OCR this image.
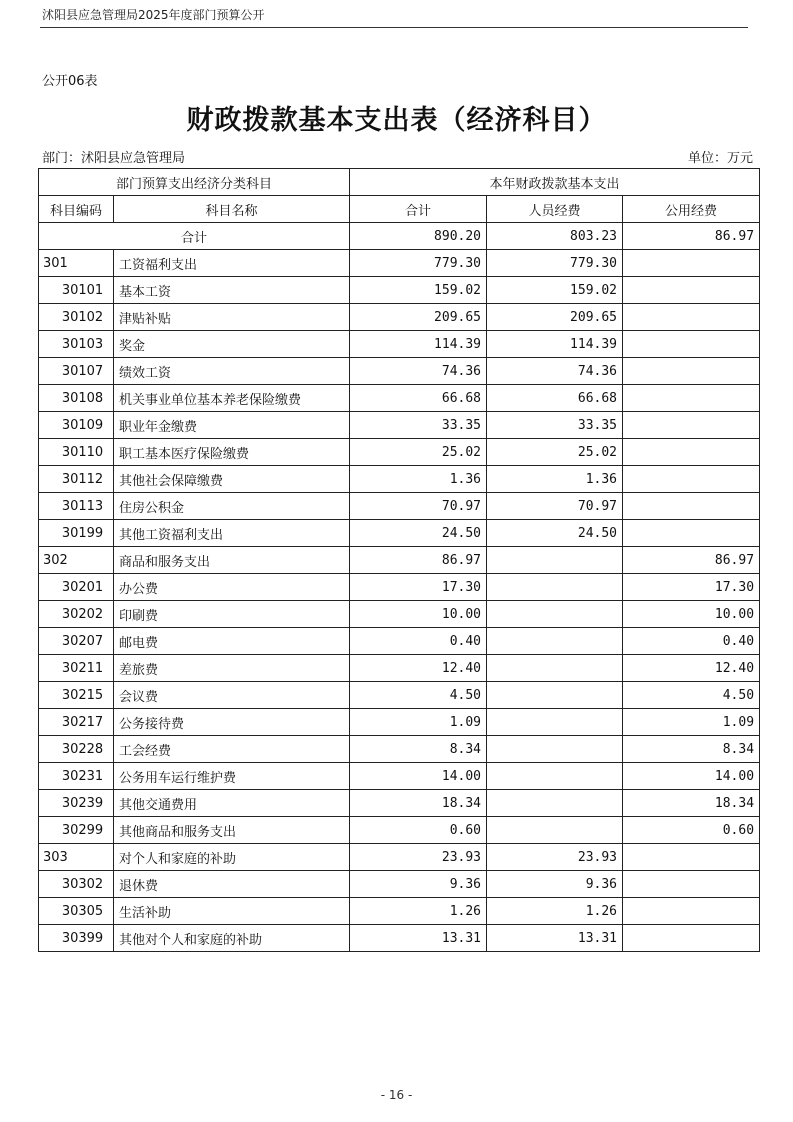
沭阳县应急管理局2025年度部门预算公开
公开06表
财政拨款基本支出表（经济科目）
部门：沭阳县应急管理局	单位：万元
部门预算支出经济分类科目		本年财政拨款基本支出		
科目编码	科目名称	合计	人员经费	公用经费
合计		890.20	803.23	86.97
301	工资福利支出	779.30	779.30	
30101	基本工资	159.02	159.02	
30102	津贴补贴	209.65	209.65	
30103	奖金	114.39	114.39	
30107	绩效工资	74.36	74.36	
30108	机关事业单位基本养老保险缴费	66.68	66.68	
30109	职业年金缴费	33.35	33.35	
30110	职工基本医疗保险缴费	25.02	25.02	
30112	其他社会保障缴费	1.36	1.36	
30113	住房公积金	70.97	70.97	
30199	其他工资福利支出	24.50	24.50	
302	商品和服务支出	86.97		86.97
30201	办公费	17.30		17.30
30202	印刷费	10.00		10.00
30207	邮电费	0.40		0.40
30211	差旅费	12.40		12.40
30215	会议费	4.50		4.50
30217	公务接待费	1.09		1.09
30228	工会经费	8.34		8.34
30231	公务用车运行维护费	14.00		14.00
30239	其他交通费用	18.34		18.34
30299	其他商品和服务支出	0.60		0.60
303	对个人和家庭的补助	23.93	23.93	
30302	退休费	9.36	9.36	
30305	生活补助	1.26	1.26	
30399	其他对个人和家庭的补助	13.31	13.31	
- 16 -
